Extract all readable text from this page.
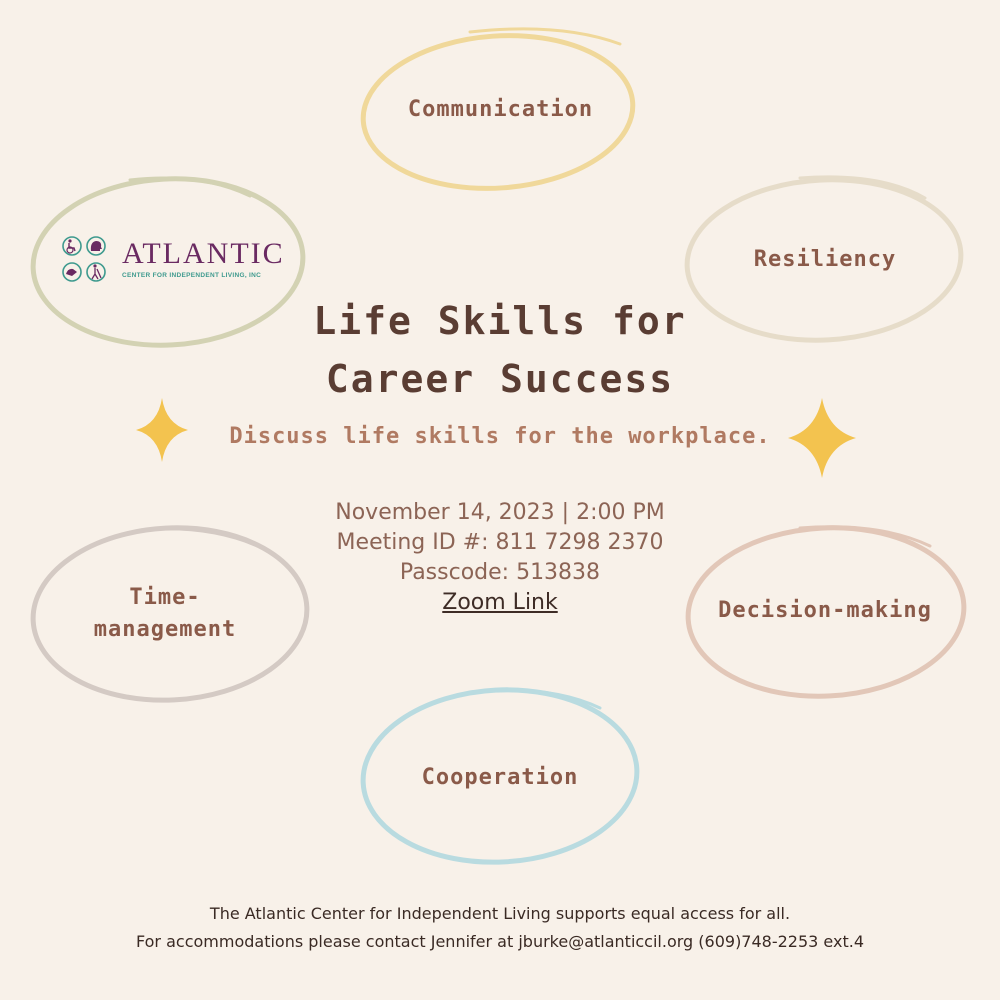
ATLANTIC
CENTER FOR INDEPENDENT LIVING, INC
Communication
Resiliency
Decision-making
Cooperation
Time-
management
Life Skills for
Career Success
Discuss life skills for the workplace.
November 14, 2023 | 2:00 PM
Meeting ID #: 811 7298 2370
Passcode: 513838
Zoom Link
The Atlantic Center for Independent Living supports equal access for all.
For accommodations please contact Jennifer at jburke@atlanticcil.org (609)748-2253 ext.4
